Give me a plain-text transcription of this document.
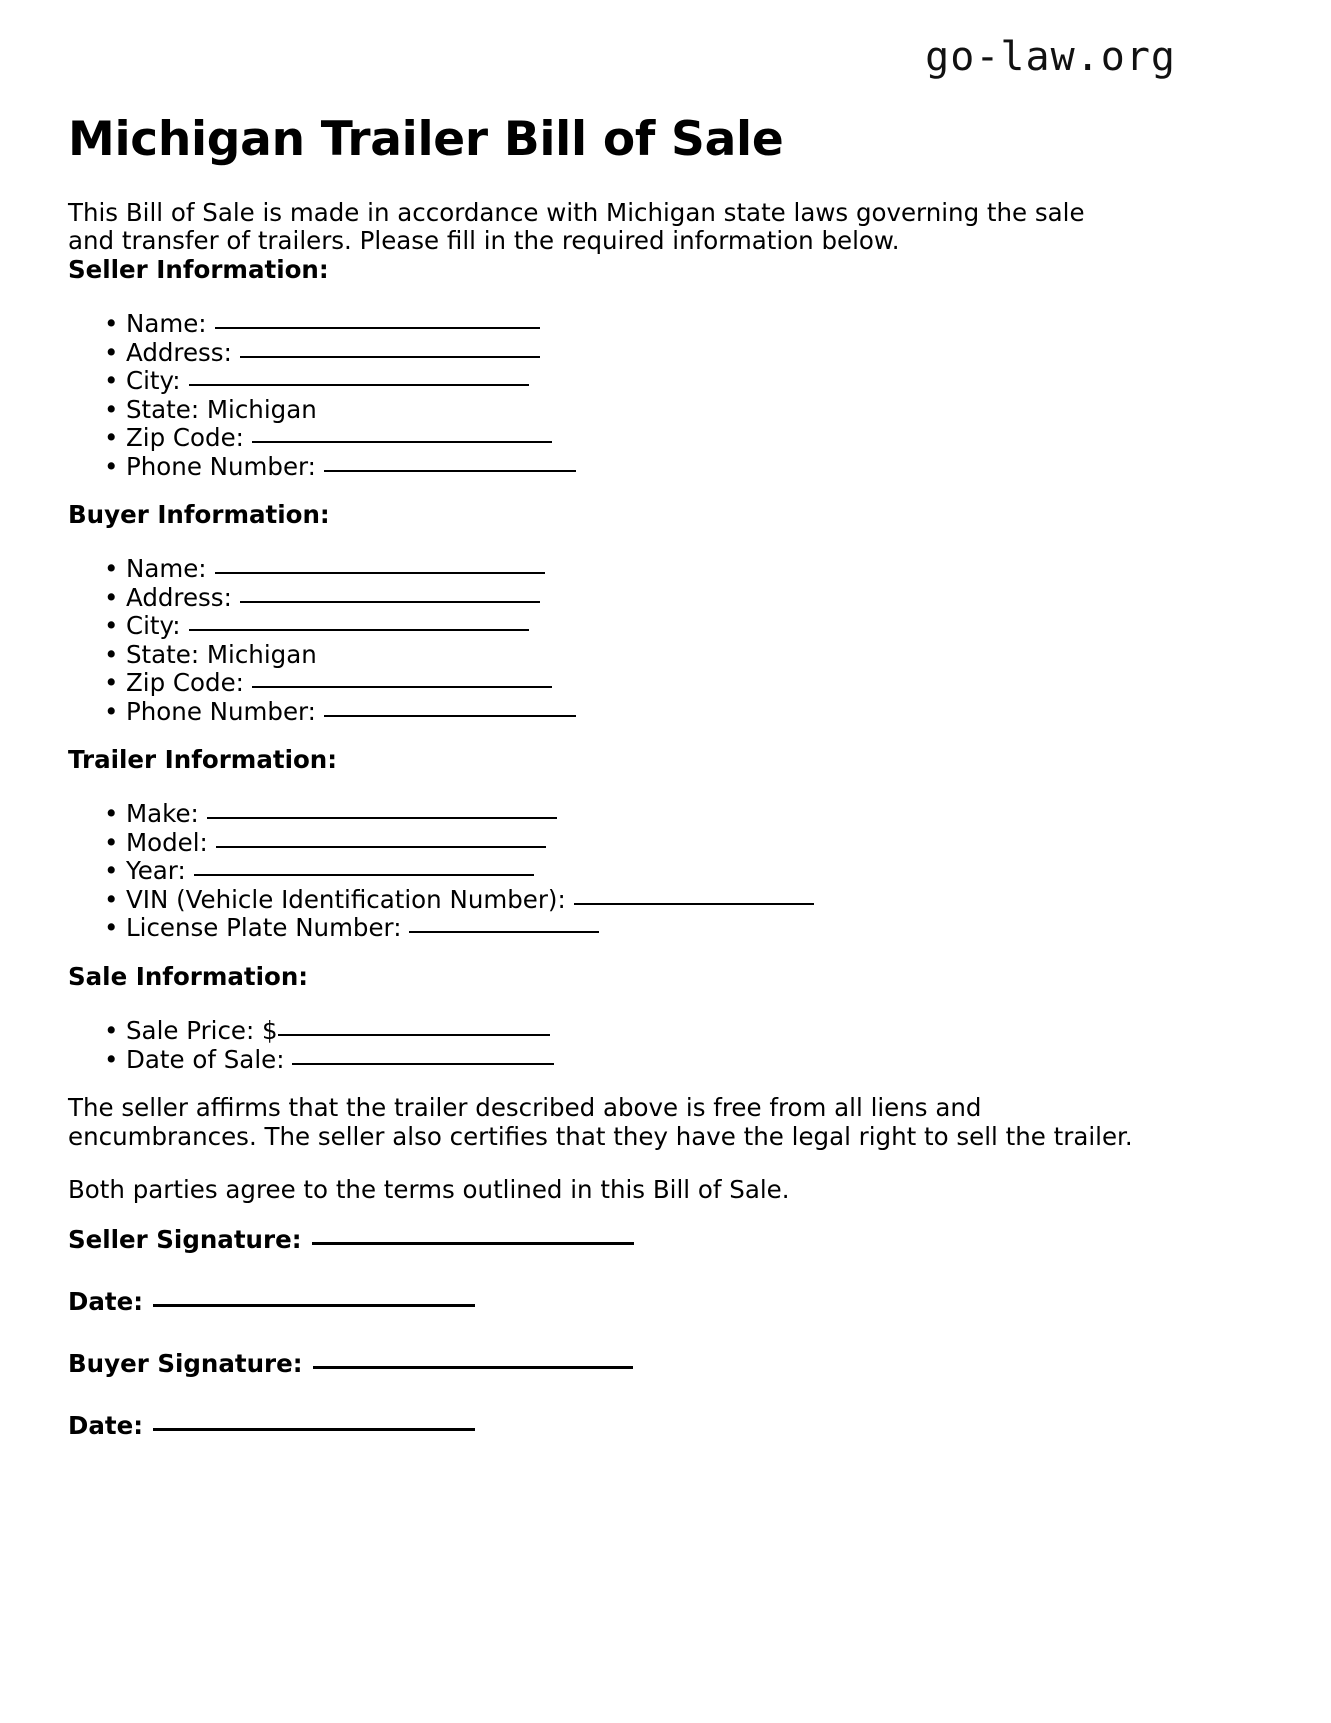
go-law.org
Michigan Trailer Bill of Sale

This Bill of Sale is made in accordance with Michigan state laws governing the sale and transfer of trailers. Please fill in the required information below.

Seller Information:
• Name:
• Address:
• City:
• State: Michigan
• Zip Code:
• Phone Number:
Buyer Information:
• Name:
• Address:
• City:
• State: Michigan
• Zip Code:
• Phone Number:
Trailer Information:
• Make:
• Model:
• Year:
• VIN (Vehicle Identification Number):
• License Plate Number:
Sale Information:
• Sale Price: $
• Date of Sale:

The seller affirms that the trailer described above is free from all liens and encumbrances. The seller also certifies that they have the legal right to sell the trailer.

Both parties agree to the terms outlined in this Bill of Sale.

Seller Signature:
Date:
Buyer Signature:
Date:
